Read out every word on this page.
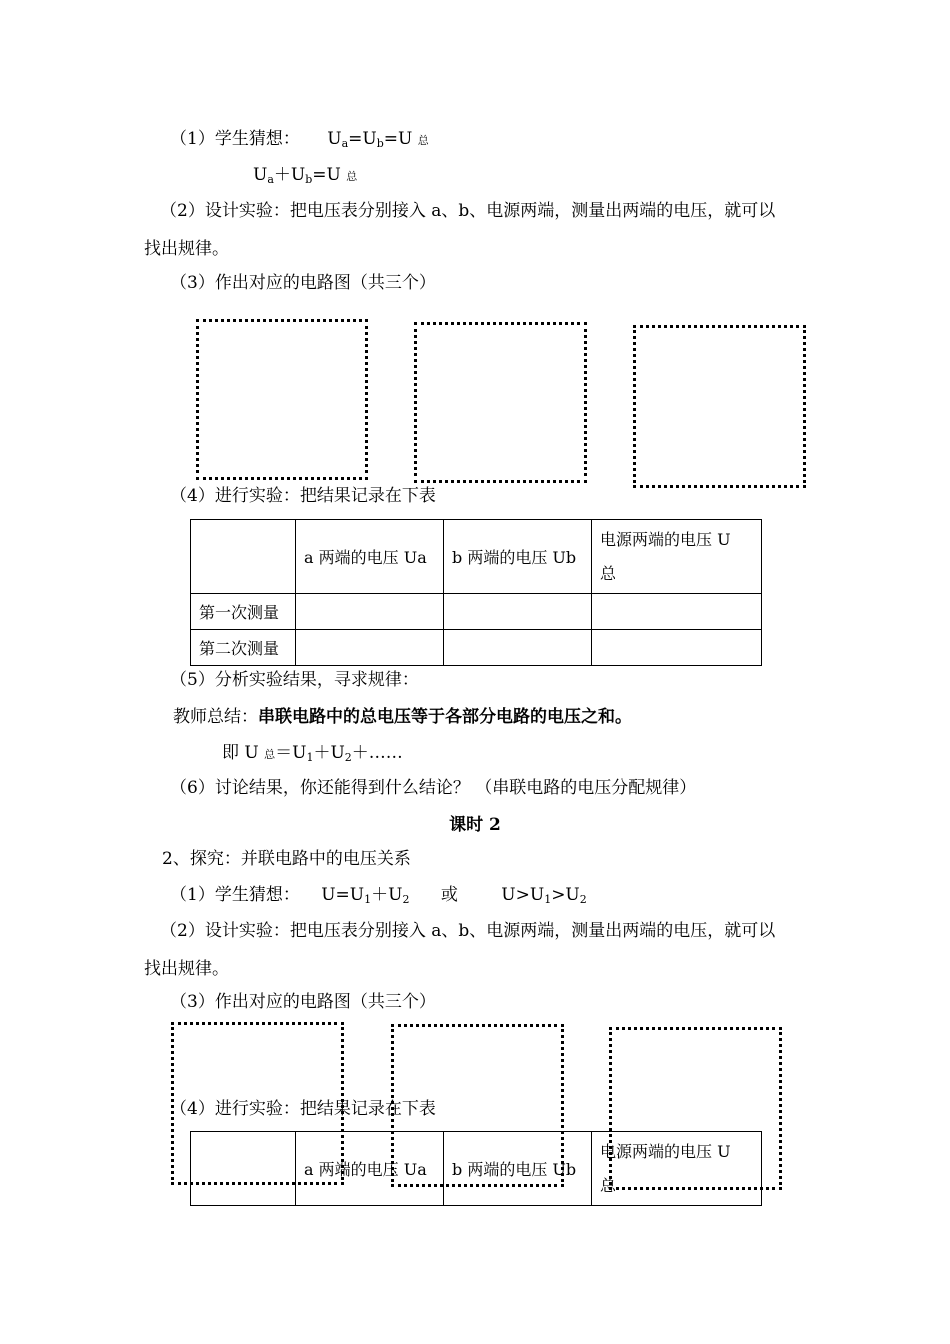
（1）学生猜想： $U_a=U_b=U$ 总
$U_a+U_b=U$ 总
（2）设计实验：把电压表分别接入 a、b、电源两端，测量出两端的电压，就可以
找出规律。
（3）作出对应的电路图（共三个）
（4）进行实验：把结果记录在下表
	a 两端的电压 Ua	b 两端的电压 Ub	电源两端的电压 U
总
第一次测量			
第二次测量			
（5）分析实验结果，寻求规律：
教师总结：串联电路中的总电压等于各部分电路的电压之和。
即 U 总$=U_1+U_2+\dots\dots$
（6）讨论结果，你还能得到什么结论？ （串联电路的电压分配规律）
课时 2
2、探究：并联电路中的电压关系
（1）学生猜想： $U=U_1+U_2$ 或	$U>U_1>U_2$
（2）设计实验：把电压表分别接入 a、b、电源两端，测量出两端的电压，就可以
找出规律。
（3）作出对应的电路图（共三个）
（4）进行实验：把结果记录在下表
	a 两端的电压 Ua	b 两端的电压 Ub	电源两端的电压 U
总
